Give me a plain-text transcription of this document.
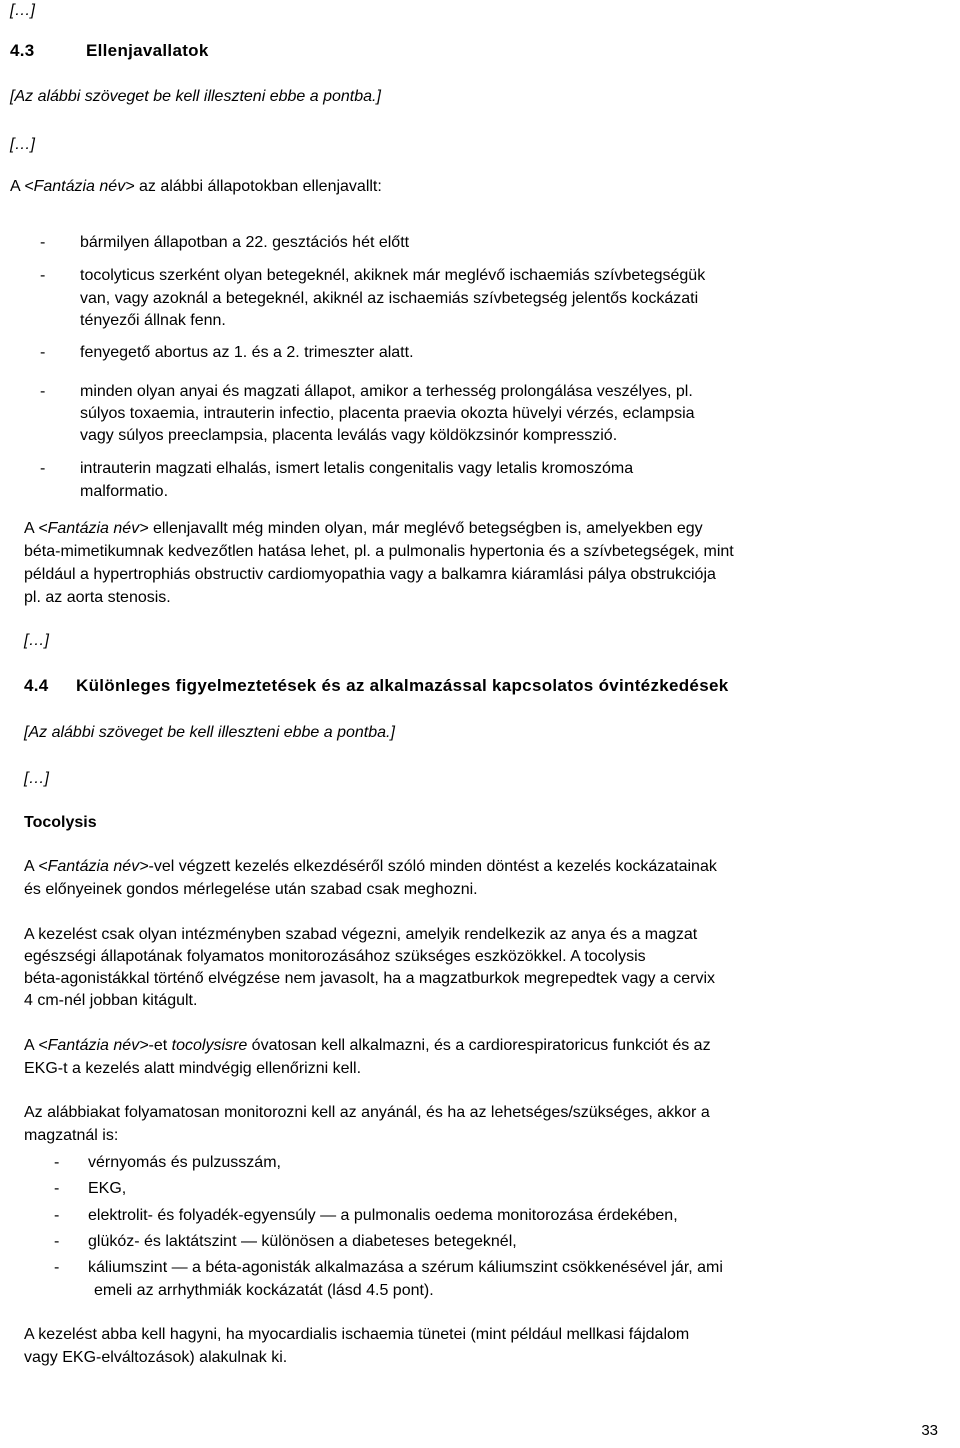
[…]
4.3	Ellenjavallatok
[Az alábbi szöveget be kell illeszteni ebbe a pontba.]
[…]
A <Fantázia név> az alábbi állapotokban ellenjavallt:
-	bármilyen állapotban a 22. gesztációs hét előtt
-	tocolyticus szerként olyan betegeknél, akiknek már meglévő ischaemiás szívbetegségük
van, vagy azoknál a betegeknél, akiknél az ischaemiás szívbetegség jelentős kockázati
tényezői állnak fenn.
-	fenyegető abortus az 1. és a 2. trimeszter alatt.
-	minden olyan anyai és magzati állapot, amikor a terhesség prolongálása veszélyes, pl.
súlyos toxaemia, intrauterin infectio, placenta praevia okozta hüvelyi vérzés, eclampsia
vagy súlyos preeclampsia, placenta leválás vagy köldökzsinór kompresszió.
-	intrauterin magzati elhalás, ismert letalis congenitalis vagy letalis kromoszóma
malformatio.
A <Fantázia név> ellenjavallt még minden olyan, már meglévő betegségben is, amelyekben egy
béta-mimetikumnak kedvezőtlen hatása lehet, pl. a pulmonalis hypertonia és a szívbetegségek, mint
például a hypertrophiás obstructiv cardiomyopathia vagy a balkamra kiáramlási pálya obstrukciója
pl. az aorta stenosis.
[…]
4.4 Különleges figyelmeztetések és az alkalmazással kapcsolatos óvintézkedések
[Az alábbi szöveget be kell illeszteni ebbe a pontba.]
[…]
Tocolysis
A <Fantázia név>-vel végzett kezelés elkezdéséről szóló minden döntést a kezelés kockázatainak
és előnyeinek gondos mérlegelése után szabad csak meghozni.
A kezelést csak olyan intézményben szabad végezni, amelyik rendelkezik az anya és a magzat
egészségi állapotának folyamatos monitorozásához szükséges eszközökkel. A tocolysis
béta-agonistákkal történő elvégzése nem javasolt, ha a magzatburkok megrepedtek vagy a cervix
4 cm-nél jobban kitágult.
A <Fantázia név>-et tocolysisre óvatosan kell alkalmazni, és a cardiorespiratoricus funkciót és az
EKG-t a kezelés alatt mindvégig ellenőrizni kell.
Az alábbiakat folyamatosan monitorozni kell az anyánál, és ha az lehetséges/szükséges, akkor a
magzatnál is:
-	vérnyomás és pulzusszám,
-	EKG,
-	elektrolit- és folyadék-egyensúly — a pulmonalis oedema monitorozása érdekében,
-	glükóz- és laktátszint — különösen a diabeteses betegeknél,
-	káliumszint — a béta-agonisták alkalmazása a szérum káliumszint csökkenésével jár, ami
emeli az arrhythmiák kockázatát (lásd 4.5 pont).
A kezelést abba kell hagyni, ha myocardialis ischaemia tünetei (mint például mellkasi fájdalom
vagy EKG-elváltozások) alakulnak ki.
33
